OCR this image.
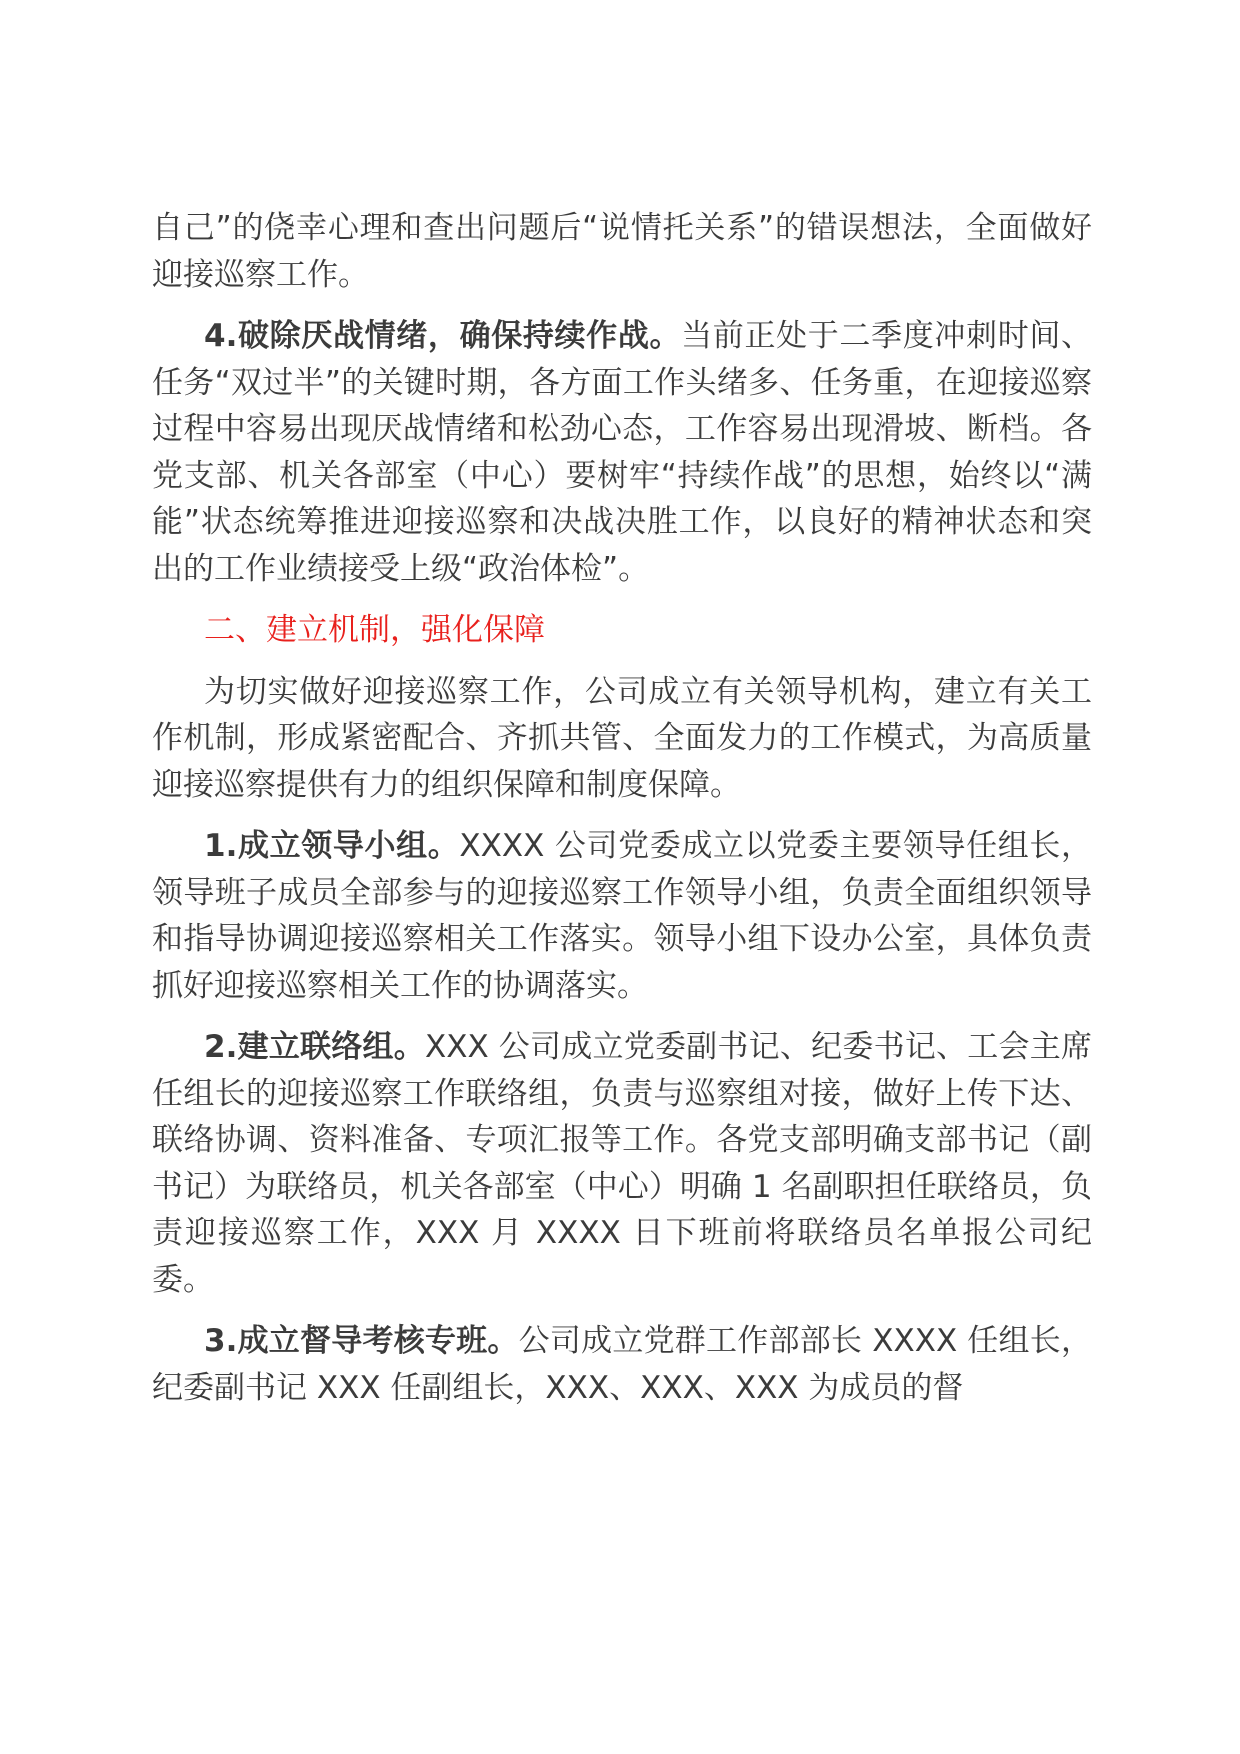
自己”的侥幸心理和查出问题后“说情托关系”的错误想法，全面做好迎接巡察工作。

4.破除厌战情绪，确保持续作战。当前正处于二季度冲刺时间、任务“双过半”的关键时期，各方面工作头绪多、任务重，在迎接巡察过程中容易出现厌战情绪和松劲心态，工作容易出现滑坡、断档。各党支部、机关各部室（中心）要树牢“持续作战”的思想，始终以“满能”状态统筹推进迎接巡察和决战决胜工作，以良好的精神状态和突出的工作业绩接受上级“政治体检”。

二、建立机制，强化保障

为切实做好迎接巡察工作，公司成立有关领导机构，建立有关工作机制，形成紧密配合、齐抓共管、全面发力的工作模式，为高质量迎接巡察提供有力的组织保障和制度保障。

1.成立领导小组。XXXX 公司党委成立以党委主要领导任组长，领导班子成员全部参与的迎接巡察工作领导小组，负责全面组织领导和指导协调迎接巡察相关工作落实。领导小组下设办公室，具体负责抓好迎接巡察相关工作的协调落实。

2.建立联络组。XXX 公司成立党委副书记、纪委书记、工会主席任组长的迎接巡察工作联络组，负责与巡察组对接，做好上传下达、联络协调、资料准备、专项汇报等工作。各党支部明确支部书记（副书记）为联络员，机关各部室（中心）明确 1 名副职担任联络员，负责迎接巡察工作，XXX 月 XXXX 日下班前将联络员名单报公司纪委。

3.成立督导考核专班。公司成立党群工作部部长 XXXX 任组长，纪委副书记 XXX 任副组长，XXX、XXX、XXX 为成员的督
